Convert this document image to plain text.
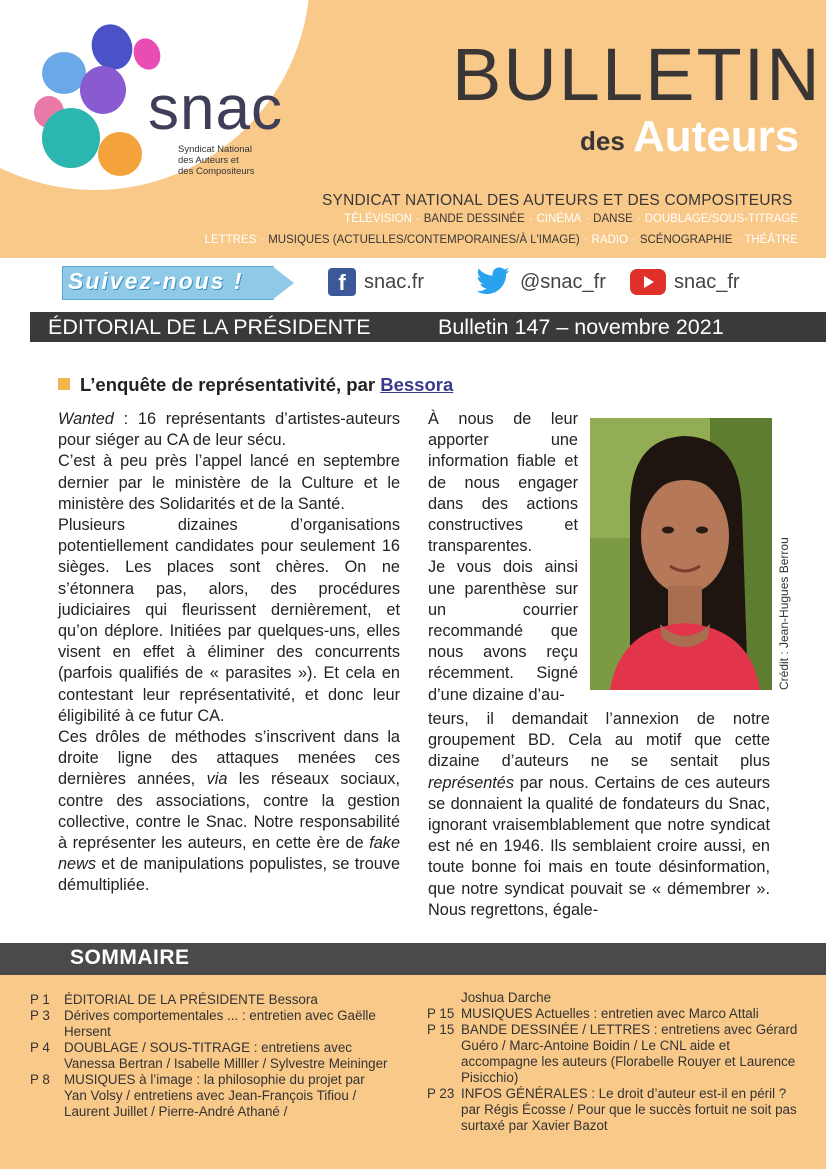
snac
Syndicat National
des Auteurs et
des Compositeurs
BULLETIN
des Auteurs
SYNDICAT NATIONAL DES AUTEURS ET DES COMPOSITEURS
TÉLÉVISION · BANDE DESSINÉE · CINÉMA · DANSE · DOUBLAGE/SOUS-TITRAGE
LETTRES · MUSIQUES (ACTUELLES/CONTEMPORAINES/À L'IMAGE) · RADIO · SCÉNOGRAPHIE · THÉÂTRE
Suivez-nous !	f snac.fr	@snac_fr	snac_fr
ÉDITORIAL DE LA PRÉSIDENTE	Bulletin 147 – novembre 2021
L’enquête de représentativité, par Bessora

Wanted : 16 représentants d’artistes-auteurs pour siéger au CA de leur sécu.

C’est à peu près l’appel lancé en septembre dernier par le ministère de la Culture et le ministère des Solidarités et de la Santé.

Plusieurs dizaines d’organisations potentiellement candidates pour seulement 16 sièges. Les places sont chères. On ne s’étonnera pas, alors, des procédures judiciaires qui fleurissent dernièrement, et qu’on déplore. Initiées par quelques-uns, elles visent en effet à éliminer des concurrents (parfois qualifiés de « parasites »). Et cela en contestant leur représentativité, et donc leur éligibilité à ce futur CA.

Ces drôles de méthodes s’inscrivent dans la droite ligne des attaques menées ces dernières années, via les réseaux sociaux, contre des associations, contre la gestion collective, contre le Snac. Notre responsabilité à représenter les auteurs, en cette ère de fake news et de manipulations populistes, se trouve démultipliée.

À nous de leur apporter une information fiable et de nous engager dans des actions constructives et transparentes.

Je vous dois ainsi une parenthèse sur un courrier recommandé que nous avons reçu récemment. Signé d’une dizaine d’au-

Crédit : Jean-Hugues Berrou

teurs, il demandait l’annexion de notre groupement BD. Cela au motif que cette dizaine d’auteurs ne se sentait plus représentés par nous. Certains de ces auteurs se donnaient la qualité de fondateurs du Snac, ignorant vraisemblablement que notre syndicat est né en 1946. Ils semblaient croire aussi, en toute bonne foi mais en toute désinformation, que notre syndicat pouvait se « démembrer ». Nous regrettons, égale-

SOMMAIRE
P 1	ÉDITORIAL DE LA PRÉSIDENTE Bessora
P 3	Dérives comportementales ... : entretien avec Gaëlle Hersent
P 4	DOUBLAGE / SOUS-TITRAGE : entretiens avec Vanessa Bertran / Isabelle Milller / Sylvestre Meininger
P 8	MUSIQUES à l’image : la philosophie du projet par Yan Volsy / entretiens avec Jean-François Tifiou / Laurent Juillet / Pierre-André Athané /
Joshua Darche
P 15 MUSIQUES Actuelles : entretien avec Marco Attali
P 15 BANDE DESSINÉE / LETTRES : entretiens avec Gérard Guéro / Marc-Antoine Boidin / Le CNL aide et accompagne les auteurs (Florabelle Rouyer et Laurence Pisicchio)
P 23 INFOS GÉNÉRALES : Le droit d’auteur est-il en péril ? par Régis Écosse / Pour que le succès fortuit ne soit pas surtaxé par Xavier Bazot
